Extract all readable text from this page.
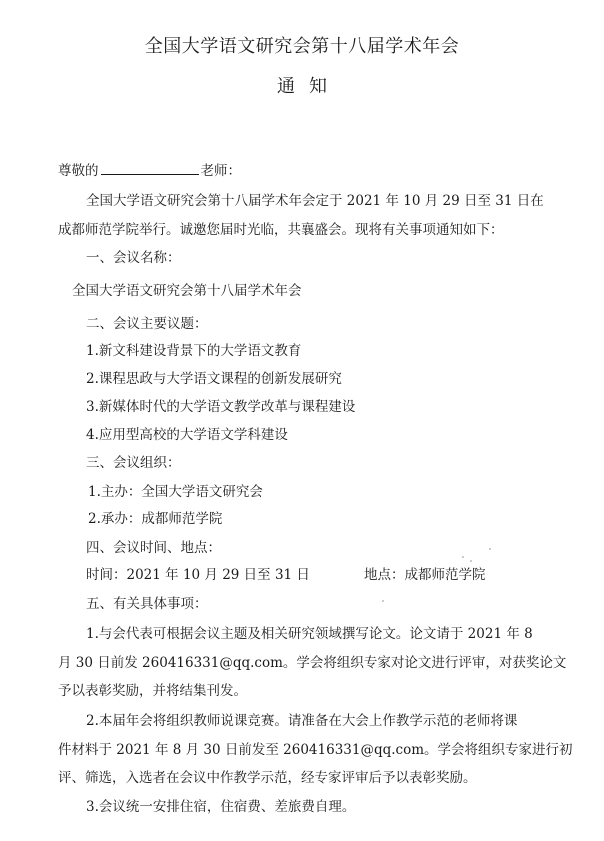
全国大学语文研究会第十八届学术年会
通知
尊敬的	老师：
全国大学语文研究会第十八届学术年会定于 2021 年 10 月 29 日至 31 日在
成都师范学院举行。诚邀您届时光临，共襄盛会。现将有关事项通知如下：
一、会议名称：
全国大学语文研究会第十八届学术年会
二、会议主要议题：
1.新文科建设背景下的大学语文教育
2.课程思政与大学语文课程的创新发展研究
3.新媒体时代的大学语文教学改革与课程建设
4.应用型高校的大学语文学科建设
三、会议组织：
1.主办：全国大学语文研究会
2.承办：成都师范学院
四、会议时间、地点：
时间：2021 年 10 月 29 日至 31 日	地点：成都师范学院
五、有关具体事项：
1.与会代表可根据会议主题及相关研究领域撰写论文。论文请于 2021 年 8
月 30 日前发 260416331@qq.com。学会将组织专家对论文进行评审，对获奖论文
予以表彰奖励，并将结集刊发。
2.本届年会将组织教师说课竞赛。请准备在大会上作教学示范的老师将课
件材料于 2021 年 8 月 30 日前发至 260416331@qq.com。学会将组织专家进行初
评、筛选，入选者在会议中作教学示范，经专家评审后予以表彰奖励。
3.会议统一安排住宿，住宿费、差旅费自理。
